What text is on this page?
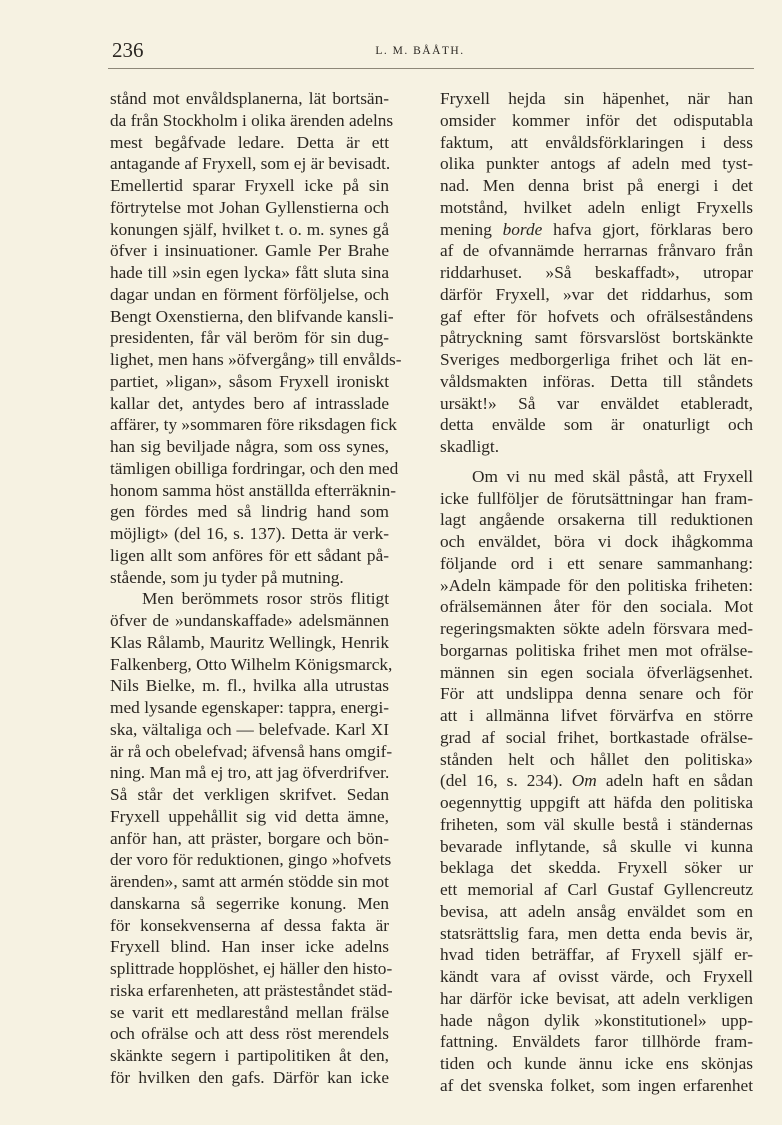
236	L. M. BÅÅTH.
stånd mot envåldsplanerna, lät bortsän-
da från Stockholm i olika ärenden adelns
mest begåfvade ledare. Detta är ett
antagande af Fryxell, som ej är bevisadt.
Emellertid sparar Fryxell icke på sin
förtrytelse mot Johan Gyllenstierna och
konungen själf, hvilket t. o. m. synes gå
öfver i insinuationer. Gamle Per Brahe
hade till »sin egen lycka» fått sluta sina
dagar undan en förment förföljelse, och
Bengt Oxenstierna, den blifvande kansli-
presidenten, får väl beröm för sin dug-
lighet, men hans »öfvergång» till envålds-
partiet, »ligan», såsom Fryxell ironiskt
kallar det, antydes bero af intrasslade
affärer, ty »sommaren före riksdagen fick
han sig beviljade några, som oss synes,
tämligen obilliga fordringar, och den med
honom samma höst anställda efterräknin-
gen fördes med så lindrig hand som
möjligt» (del 16, s. 137). Detta är verk-
ligen allt som anföres för ett sådant på-
stående, som ju tyder på mutning.
Men berömmets rosor strös flitigt
öfver de »undanskaffade» adelsmännen
Klas Rålamb, Mauritz Wellingk, Henrik
Falkenberg, Otto Wilhelm Königsmarck,
Nils Bielke, m. fl., hvilka alla utrustas
med lysande egenskaper: tappra, energi-
ska, vältaliga och — belefvade. Karl XI
är rå och obelefvad; äfvenså hans omgif-
ning. Man må ej tro, att jag öfverdrifver.
Så står det verkligen skrifvet. Sedan
Fryxell uppehållit sig vid detta ämne,
anför han, att präster, borgare och bön-
der voro för reduktionen, gingo »hofvets
ärenden», samt att armén stödde sin mot
danskarna så segerrike konung. Men
för konsekvenserna af dessa fakta är
Fryxell blind. Han inser icke adelns
splittrade hopplöshet, ej häller den histo-
riska erfarenheten, att prästeståndet städ-
se varit ett medlarestånd mellan frälse
och ofrälse och att dess röst merendels
skänkte segern i partipolitiken åt den,
för hvilken den gafs. Därför kan icke
Fryxell hejda sin häpenhet, när han
omsider kommer inför det odisputabla
faktum, att envåldsförklaringen i dess
olika punkter antogs af adeln med tyst-
nad. Men denna brist på energi i det
motstånd, hvilket adeln enligt Fryxells
mening borde hafva gjort, förklaras bero
af de ofvannämde herrarnas frånvaro från
riddarhuset. »Så beskaffadt», utropar
därför Fryxell, »var det riddarhus, som
gaf efter för hofvets och ofrälseståndens
påtryckning samt försvarslöst bortskänkte
Sveriges medborgerliga frihet och lät en-
våldsmakten införas. Detta till ståndets
ursäkt!» Så var enväldet etableradt,
detta envälde som är onaturligt och
skadligt.
Om vi nu med skäl påstå, att Fryxell
icke fullföljer de förutsättningar han fram-
lagt angående orsakerna till reduktionen
och enväldet, böra vi dock ihågkomma
följande ord i ett senare sammanhang:
»Adeln kämpade för den politiska friheten:
ofrälsemännen åter för den sociala. Mot
regeringsmakten sökte adeln försvara med-
borgarnas politiska frihet men mot ofrälse-
männen sin egen sociala öfverlägsenhet.
För att undslippa denna senare och för
att i allmänna lifvet förvärfva en större
grad af social frihet, bortkastade ofrälse-
stånden helt och hållet den politiska»
(del 16, s. 234). Om adeln haft en sådan
oegennyttig uppgift att häfda den politiska
friheten, som väl skulle bestå i ständernas
bevarade inflytande, så skulle vi kunna
beklaga det skedda. Fryxell söker ur
ett memorial af Carl Gustaf Gyllencreutz
bevisa, att adeln ansåg enväldet som en
statsrättslig fara, men detta enda bevis är,
hvad tiden beträffar, af Fryxell själf er-
kändt vara af ovisst värde, och Fryxell
har därför icke bevisat, att adeln verkligen
hade någon dylik »konstitutionel» upp-
fattning. Enväldets faror tillhörde fram-
tiden och kunde ännu icke ens skönjas
af det svenska folket, som ingen erfarenhet
